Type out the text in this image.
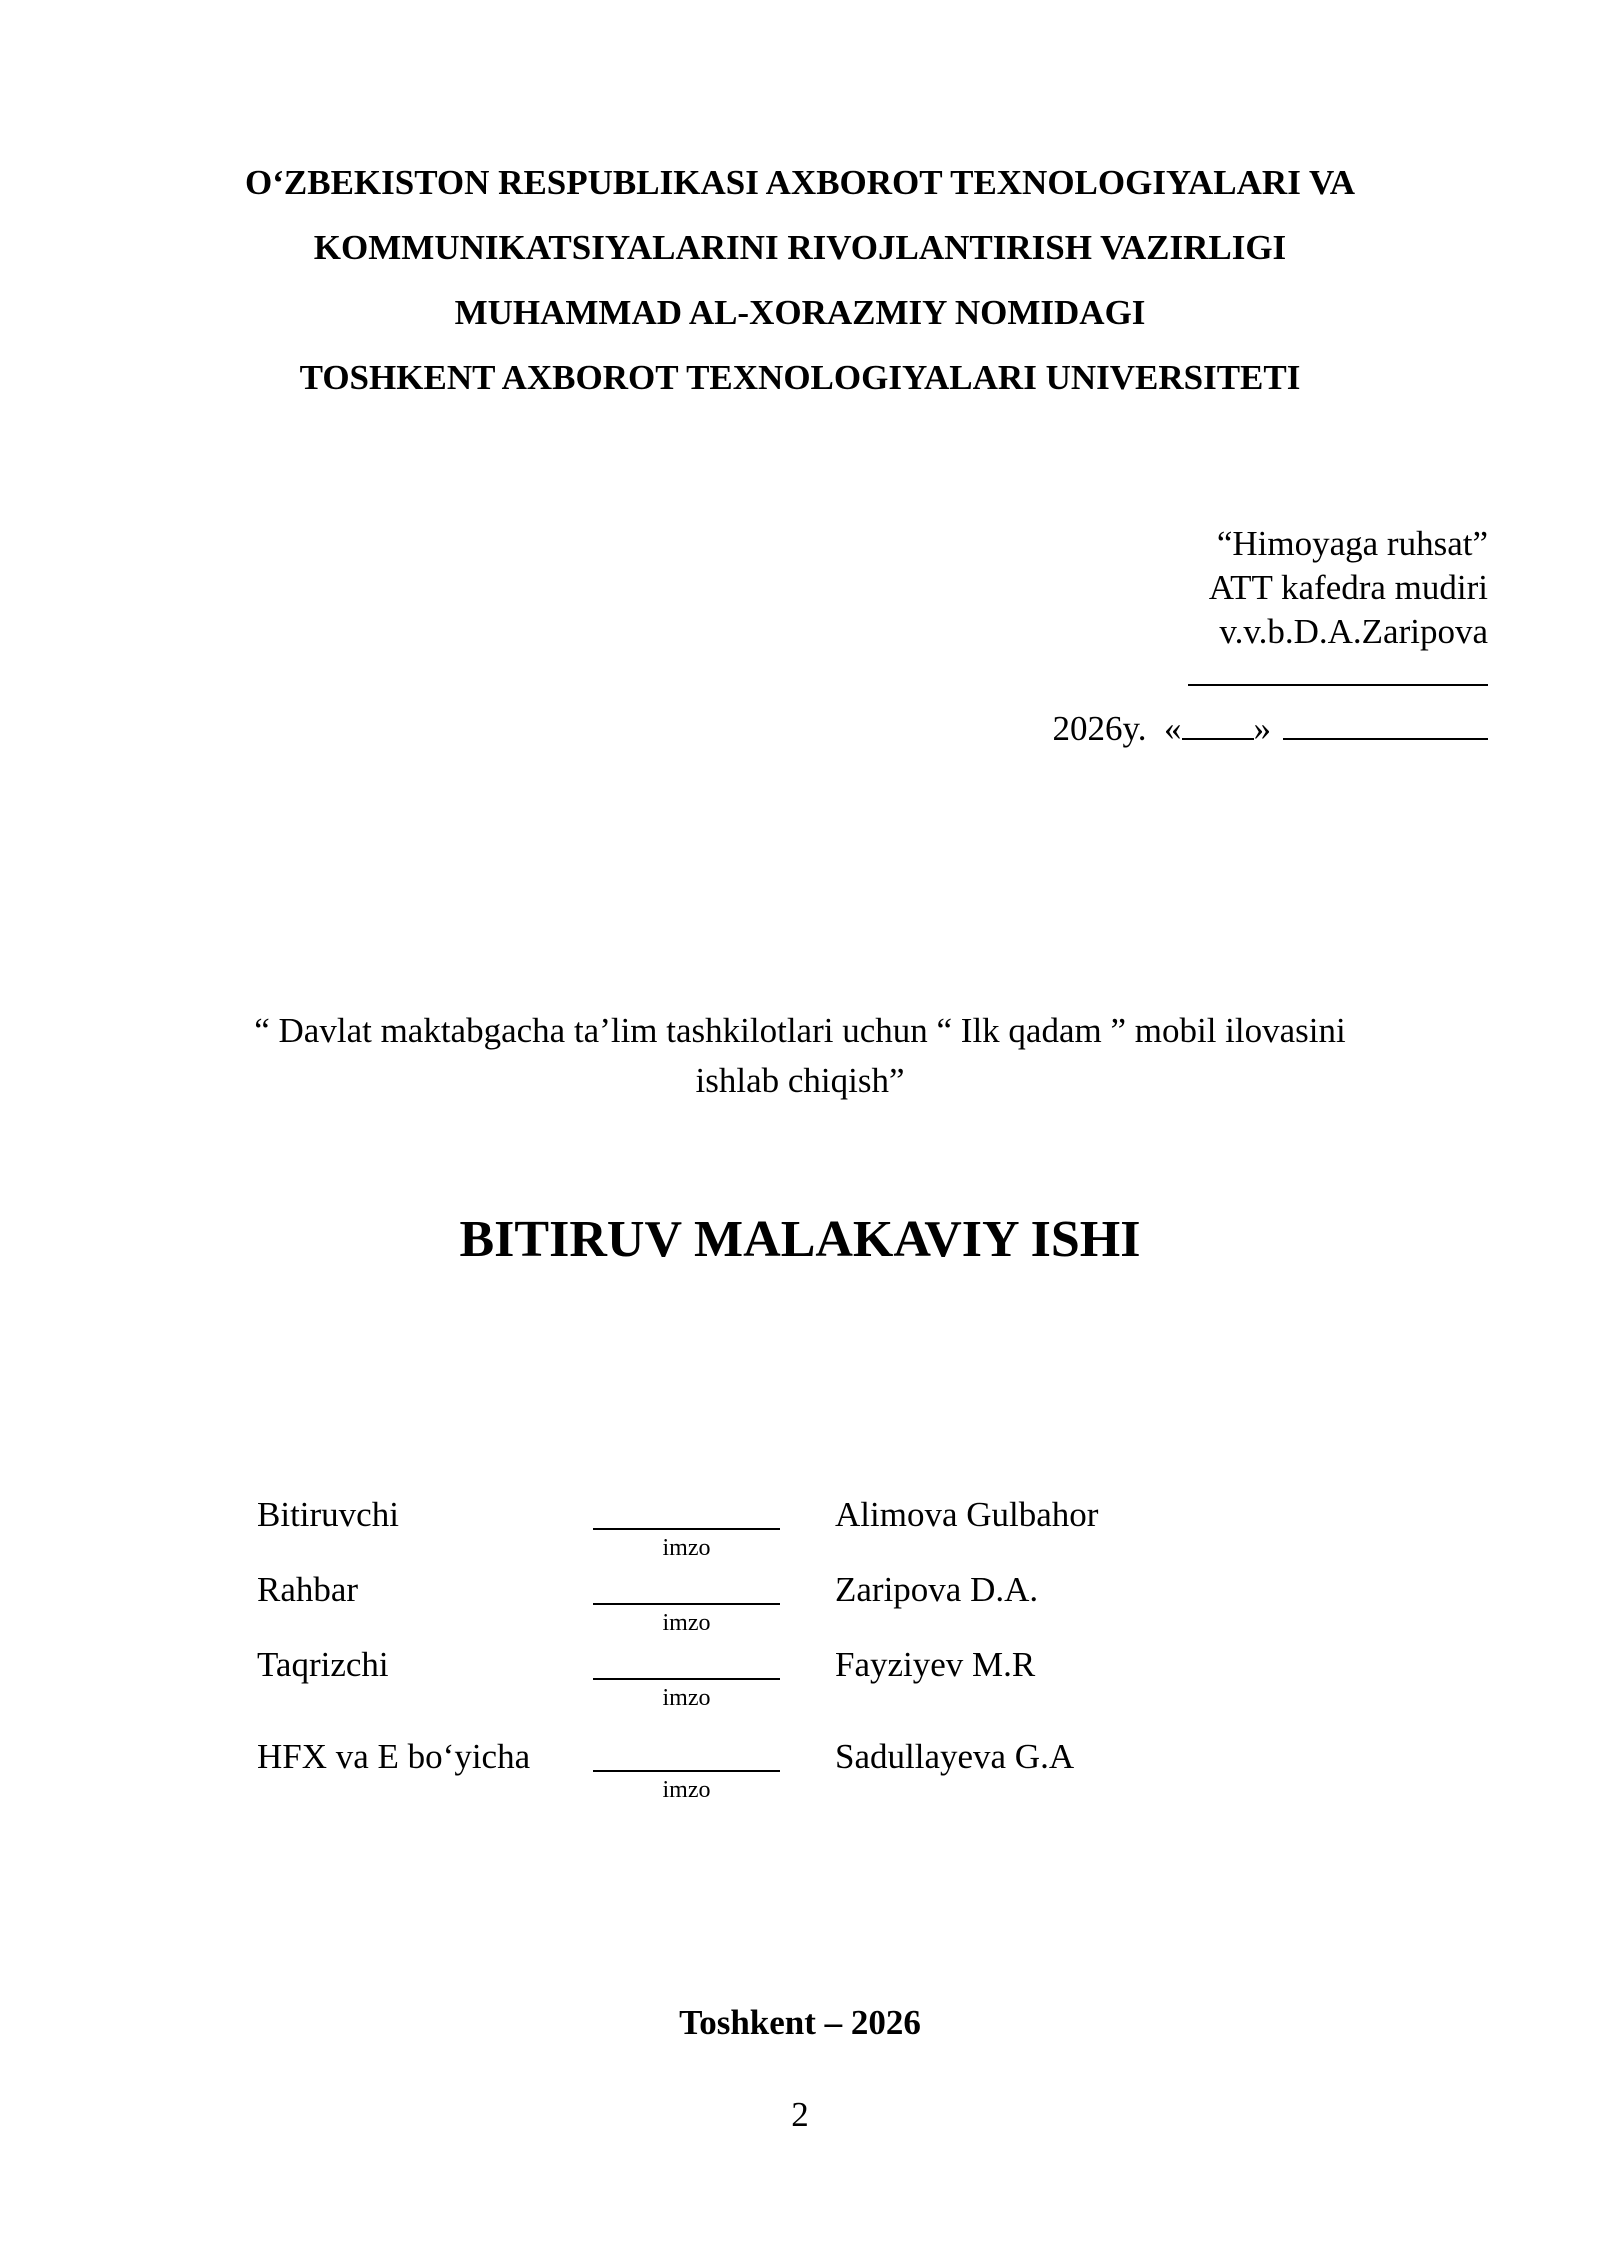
O‘ZBEKISTON RESPUBLIKASI AXBOROT TEXNOLOGIYALARI VA
KOMMUNIKATSIYALARINI RIVOJLANTIRISH VAZIRLIGI
MUHAMMAD AL-XORAZMIY NOMIDAGI
TOSHKENT AXBOROT TEXNOLOGIYALARI UNIVERSITETI
“Himoyaga ruhsat”
ATT kafedra mudiri
v.v.b.D.A.Zaripova
2026y. « »
“ Davlat maktabgacha ta’lim tashkilotlari uchun “ Ilk qadam ” mobil ilovasini
ishlab chiqish”
BITIRUV MALAKAVIY ISHI
Bitiruvchi
imzo
Alimova Gulbahor
Rahbar
imzo
Zaripova D.A.
Taqrizchi
imzo
Fayziyev M.R
HFX va E bo‘yicha
imzo
Sadullayeva G.A
Toshkent – 2026
2
